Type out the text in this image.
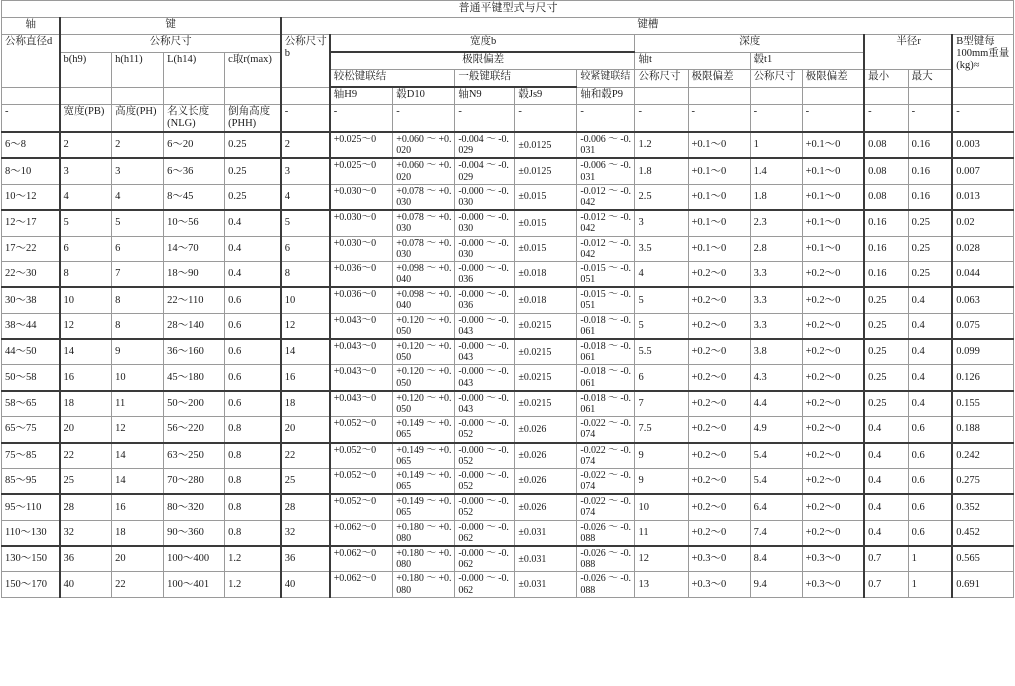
普通平键型式与尺寸																	
轴	键				键槽												
公称直径d	公称尺寸				公称尺寸b	宽度b					深度				半径r		B型键每100mm重量(kg)≈
	b(h9)	h(h11)	L(h14)	c取r(max)		极限偏差					轴t		毂t1				
						较松键联结		一般键联结		较紧键联结	公称尺寸	极限偏差	公称尺寸	极限偏差	最小	最大	
						轴H9	毂D10	轴N9	毂Js9	轴和毂P9							
-	宽度(PB)	高度(PH)	名义长度(NLG)	倒角高度(PHH)	-	-	-	-	-	-	-	-	-	-	-	-	-
6～8	2	2	6～20	0.25	2	+0.025～0	+0.060 ～ +0.020	-0.004 ～ -0.029	±0.0125	-0.006 ～ -0.031	1.2	+0.1～0	1	+0.1～0	0.08	0.16	0.003
8～10	3	3	6～36	0.25	3	+0.025～0	+0.060 ～ +0.020	-0.004 ～ -0.029	±0.0125	-0.006 ～ -0.031	1.8	+0.1～0	1.4	+0.1～0	0.08	0.16	0.007
10～12	4	4	8～45	0.25	4	+0.030～0	+0.078 ～ +0.030	-0.000 ～ -0.030	±0.015	-0.012 ～ -0.042	2.5	+0.1～0	1.8	+0.1～0	0.08	0.16	0.013
12～17	5	5	10～56	0.4	5	+0.030～0	+0.078 ～ +0.030	-0.000 ～ -0.030	±0.015	-0.012 ～ -0.042	3	+0.1～0	2.3	+0.1～0	0.16	0.25	0.02
17～22	6	6	14～70	0.4	6	+0.030～0	+0.078 ～ +0.030	-0.000 ～ -0.030	±0.015	-0.012 ～ -0.042	3.5	+0.1～0	2.8	+0.1～0	0.16	0.25	0.028
22～30	8	7	18～90	0.4	8	+0.036～0	+0.098 ～ +0.040	-0.000 ～ -0.036	±0.018	-0.015 ～ -0.051	4	+0.2～0	3.3	+0.2～0	0.16	0.25	0.044
30～38	10	8	22～110	0.6	10	+0.036～0	+0.098 ～ +0.040	-0.000 ～ -0.036	±0.018	-0.015 ～ -0.051	5	+0.2～0	3.3	+0.2～0	0.25	0.4	0.063
38～44	12	8	28～140	0.6	12	+0.043～0	+0.120 ～ +0.050	-0.000 ～ -0.043	±0.0215	-0.018 ～ -0.061	5	+0.2～0	3.3	+0.2～0	0.25	0.4	0.075
44～50	14	9	36～160	0.6	14	+0.043～0	+0.120 ～ +0.050	-0.000 ～ -0.043	±0.0215	-0.018 ～ -0.061	5.5	+0.2～0	3.8	+0.2～0	0.25	0.4	0.099
50～58	16	10	45～180	0.6	16	+0.043～0	+0.120 ～ +0.050	-0.000 ～ -0.043	±0.0215	-0.018 ～ -0.061	6	+0.2～0	4.3	+0.2～0	0.25	0.4	0.126
58～65	18	11	50～200	0.6	18	+0.043～0	+0.120 ～ +0.050	-0.000 ～ -0.043	±0.0215	-0.018 ～ -0.061	7	+0.2～0	4.4	+0.2～0	0.25	0.4	0.155
65～75	20	12	56～220	0.8	20	+0.052～0	+0.149 ～ +0.065	-0.000 ～ -0.052	±0.026	-0.022 ～ -0.074	7.5	+0.2～0	4.9	+0.2～0	0.4	0.6	0.188
75～85	22	14	63～250	0.8	22	+0.052～0	+0.149 ～ +0.065	-0.000 ～ -0.052	±0.026	-0.022 ～ -0.074	9	+0.2～0	5.4	+0.2～0	0.4	0.6	0.242
85～95	25	14	70～280	0.8	25	+0.052～0	+0.149 ～ +0.065	-0.000 ～ -0.052	±0.026	-0.022 ～ -0.074	9	+0.2～0	5.4	+0.2～0	0.4	0.6	0.275
95～110	28	16	80～320	0.8	28	+0.052～0	+0.149 ～ +0.065	-0.000 ～ -0.052	±0.026	-0.022 ～ -0.074	10	+0.2～0	6.4	+0.2～0	0.4	0.6	0.352
110～130	32	18	90～360	0.8	32	+0.062～0	+0.180 ～ +0.080	-0.000 ～ -0.062	±0.031	-0.026 ～ -0.088	11	+0.2～0	7.4	+0.2～0	0.4	0.6	0.452
130～150	36	20	100～400	1.2	36	+0.062～0	+0.180 ～ +0.080	-0.000 ～ -0.062	±0.031	-0.026 ～ -0.088	12	+0.3～0	8.4	+0.3～0	0.7	1	0.565
150～170	40	22	100～401	1.2	40	+0.062～0	+0.180 ～ +0.080	-0.000 ～ -0.062	±0.031	-0.026 ～ -0.088	13	+0.3～0	9.4	+0.3～0	0.7	1	0.691
